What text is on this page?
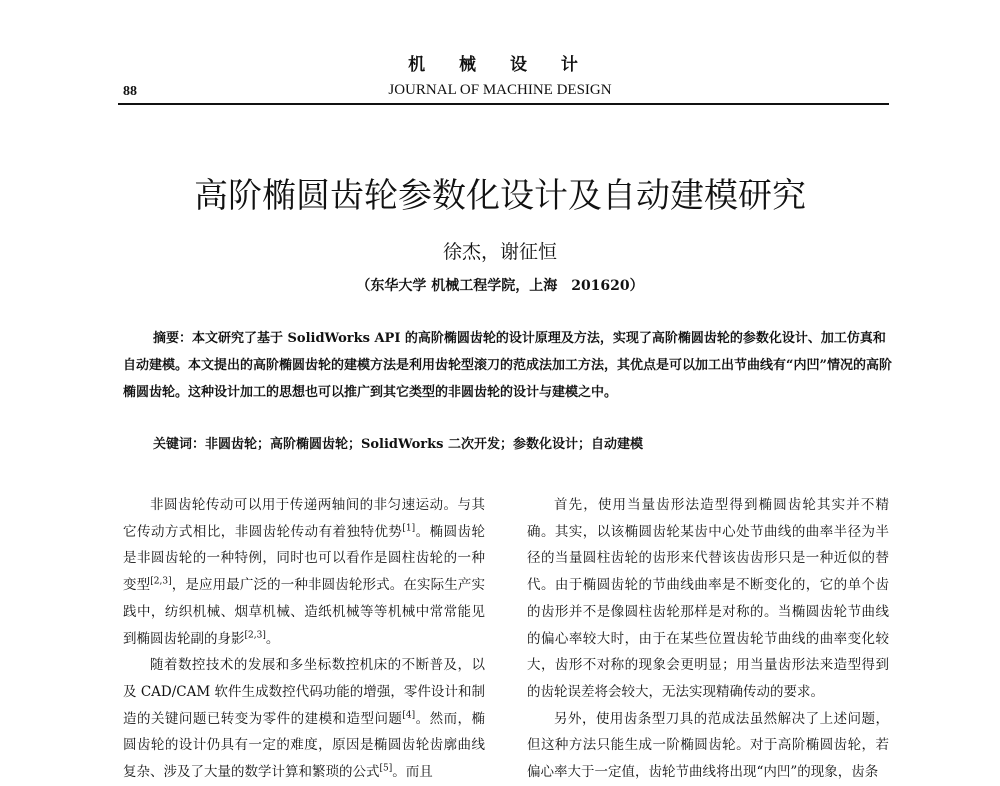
机 械 设 计
88	JOURNAL OF MACHINE DESIGN
高阶椭圆齿轮参数化设计及自动建模研究
徐杰，谢征恒
（东华大学 机械工程学院，上海　201620）

摘要：本文研究了基于 SolidWorks API 的高阶椭圆齿轮的设计原理及方法，实现了高阶椭圆齿轮的参数化设计、加工仿真和自动建模。本文提出的高阶椭圆齿轮的建模方法是利用齿轮型滚刀的范成法加工方法，其优点是可以加工出节曲线有“内凹”情况的高阶椭圆齿轮。这种设计加工的思想也可以推广到其它类型的非圆齿轮的设计与建模之中。

关键词：非圆齿轮；高阶椭圆齿轮；SolidWorks 二次开发；参数化设计；自动建模

非圆齿轮传动可以用于传递两轴间的非匀速运动。与其它传动方式相比，非圆齿轮传动有着独特优势[1]。椭圆齿轮是非圆齿轮的一种特例，同时也可以看作是圆柱齿轮的一种变型[2,3]，是应用最广泛的一种非圆齿轮形式。在实际生产实践中，纺织机械、烟草机械、造纸机械等等机械中常常能见到椭圆齿轮副的身影[2,3]。

随着数控技术的发展和多坐标数控机床的不断普及，以及 CAD/CAM 软件生成数控代码功能的增强，零件设计和制造的关键问题已转变为零件的建模和造型问题[4]。然而，椭圆齿轮的设计仍具有一定的难度，原因是椭圆齿轮齿廓曲线复杂、涉及了大量的数学计算和繁琐的公式[5]。而且

首先，使用当量齿形法造型得到椭圆齿轮其实并不精确。其实，以该椭圆齿轮某齿中心处节曲线的曲率半径为半径的当量圆柱齿轮的齿形来代替该齿齿形只是一种近似的替代。由于椭圆齿轮的节曲线曲率是不断变化的，它的单个齿的齿形并不是像圆柱齿轮那样是对称的。当椭圆齿轮节曲线的偏心率较大时，由于在某些位置齿轮节曲线的曲率变化较大，齿形不对称的现象会更明显；用当量齿形法来造型得到的齿轮误差将会较大，无法实现精确传动的要求。

另外，使用齿条型刀具的范成法虽然解决了上述问题，但这种方法只能生成一阶椭圆齿轮。对于高阶椭圆齿轮，若偏心率大于一定值，齿轮节曲线将出现“内凹”的现象，齿条
